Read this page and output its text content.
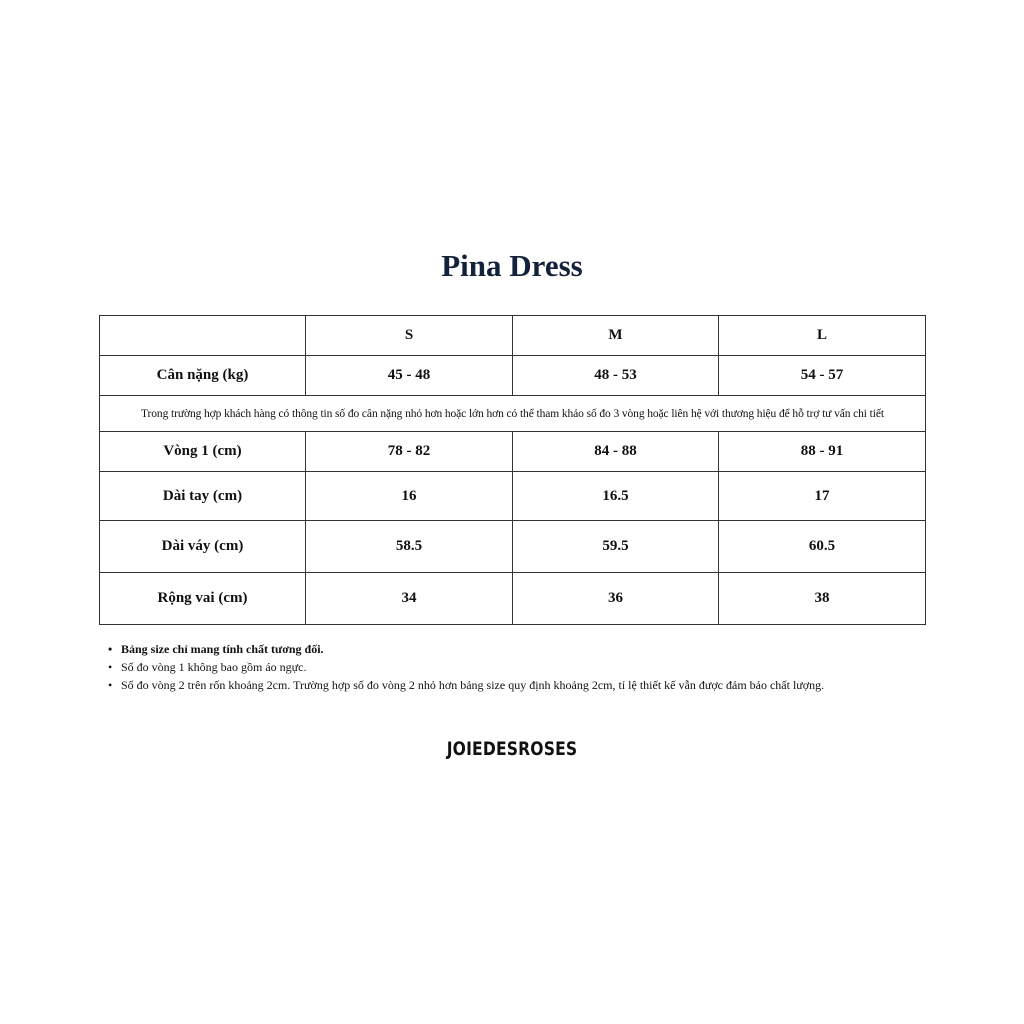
Pina Dress
	S	M	L
Cân nặng (kg)	45 - 48	48 - 53	54 - 57
Trong trường hợp khách hàng có thông tin số đo cân nặng nhỏ hơn hoặc lớn hơn có thể tham khảo số đo 3 vòng hoặc liên hệ với thương hiệu để hỗ trợ tư vấn chi tiết			
Vòng 1 (cm)	78 - 82	84 - 88	88 - 91
Dài tay (cm)	16	16.5	17
Dài váy (cm)	58.5	59.5	60.5
Rộng vai (cm)	34	36	38
• Bảng size chỉ mang tính chất tương đối.
• Số đo vòng 1 không bao gồm áo ngực.
• Số đo vòng 2 trên rốn khoảng 2cm. Trường hợp số đo vòng 2 nhỏ hơn bảng size quy định khoảng 2cm, tỉ lệ thiết kế vẫn được đảm bảo chất lượng.
JOIEDESROSES
